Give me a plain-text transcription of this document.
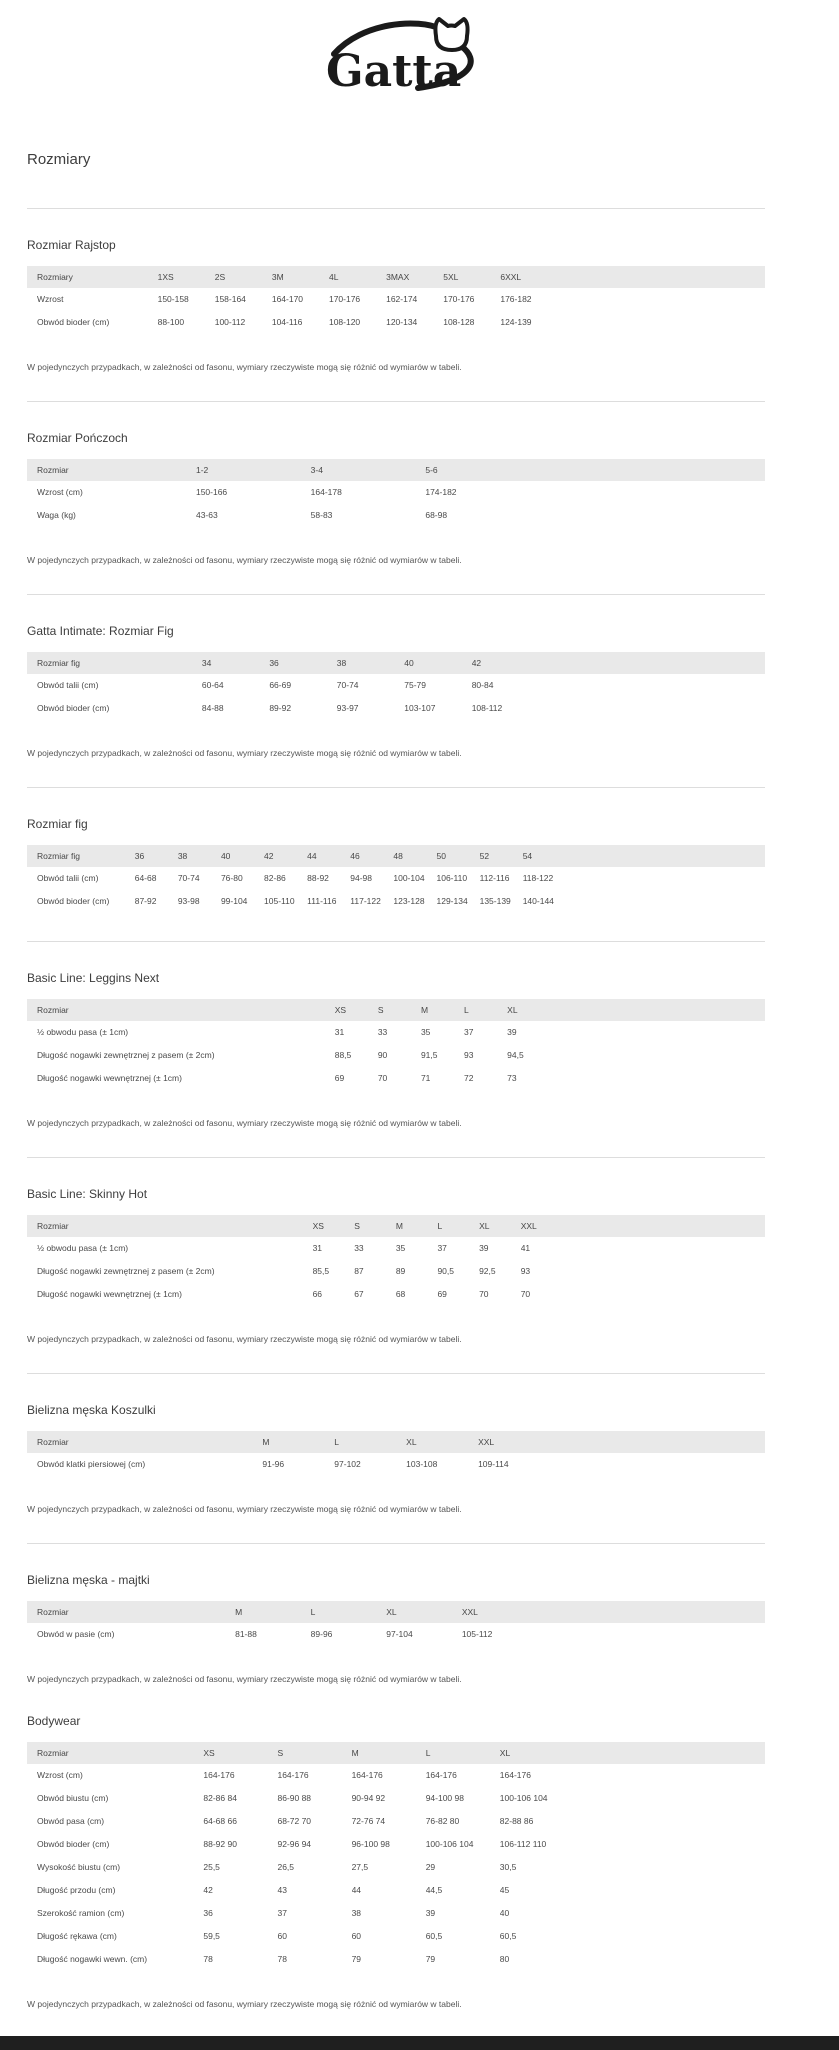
Gatta
Rozmiary
Rozmiar Rajstop
Rozmiary	1XS	2S	3M	4L	3MAX	5XL	6XXL	
Wzrost	150-158	158-164	164-170	170-176	162-174	170-176	176-182	
Obwód bioder (cm)	88-100	100-112	104-116	108-120	120-134	108-128	124-139	

W pojedynczych przypadkach, w zależności od fasonu, wymiary rzeczywiste mogą się różnić od wymiarów w tabeli.

Rozmiar Pończoch
Rozmiar	1-2	3-4	5-6	
Wzrost (cm)	150-166	164-178	174-182	
Waga (kg)	43-63	58-83	68-98	

W pojedynczych przypadkach, w zależności od fasonu, wymiary rzeczywiste mogą się różnić od wymiarów w tabeli.

Gatta Intimate: Rozmiar Fig
Rozmiar fig	34	36	38	40	42	
Obwód talii (cm)	60-64	66-69	70-74	75-79	80-84	
Obwód bioder (cm)	84-88	89-92	93-97	103-107	108-112	

W pojedynczych przypadkach, w zależności od fasonu, wymiary rzeczywiste mogą się różnić od wymiarów w tabeli.

Rozmiar fig
Rozmiar fig	36	38	40	42	44	46	48	50	52	54	
Obwód talii (cm)	64-68	70-74	76-80	82-86	88-92	94-98	100-104	106-110	112-116	118-122	
Obwód bioder (cm)	87-92	93-98	99-104	105-110	111-116	117-122	123-128	129-134	135-139	140-144	
Basic Line: Leggins Next
Rozmiar	XS	S	M	L	XL	
½ obwodu pasa (± 1cm)	31	33	35	37	39	
Długość nogawki zewnętrznej z pasem (± 2cm)	88,5	90	91,5	93	94,5	
Długość nogawki wewnętrznej (± 1cm)	69	70	71	72	73	

W pojedynczych przypadkach, w zależności od fasonu, wymiary rzeczywiste mogą się różnić od wymiarów w tabeli.

Basic Line: Skinny Hot
Rozmiar	XS	S	M	L	XL	XXL	
½ obwodu pasa (± 1cm)	31	33	35	37	39	41	
Długość nogawki zewnętrznej z pasem (± 2cm)	85,5	87	89	90,5	92,5	93	
Długość nogawki wewnętrznej (± 1cm)	66	67	68	69	70	70	

W pojedynczych przypadkach, w zależności od fasonu, wymiary rzeczywiste mogą się różnić od wymiarów w tabeli.

Bielizna męska Koszulki
Rozmiar	M	L	XL	XXL	
Obwód klatki piersiowej (cm)	91-96	97-102	103-108	109-114	

W pojedynczych przypadkach, w zależności od fasonu, wymiary rzeczywiste mogą się różnić od wymiarów w tabeli.

Bielizna męska - majtki
Rozmiar	M	L	XL	XXL	
Obwód w pasie (cm)	81-88	89-96	97-104	105-112	

W pojedynczych przypadkach, w zależności od fasonu, wymiary rzeczywiste mogą się różnić od wymiarów w tabeli.

Bodywear
Rozmiar	XS	S	M	L	XL	
Wzrost (cm)	164-176	164-176	164-176	164-176	164-176	
Obwód biustu (cm)	82-86 84	86-90 88	90-94 92	94-100 98	100-106 104	
Obwód pasa (cm)	64-68 66	68-72 70	72-76 74	76-82 80	82-88 86	
Obwód bioder (cm)	88-92 90	92-96 94	96-100 98	100-106 104	106-112 110	
Wysokość biustu (cm)	25,5	26,5	27,5	29	30,5	
Długość przodu (cm)	42	43	44	44,5	45	
Szerokość ramion (cm)	36	37	38	39	40	
Długość rękawa (cm)	59,5	60	60	60,5	60,5	
Długość nogawki wewn. (cm)	78	78	79	79	80	

W pojedynczych przypadkach, w zależności od fasonu, wymiary rzeczywiste mogą się różnić od wymiarów w tabeli.
